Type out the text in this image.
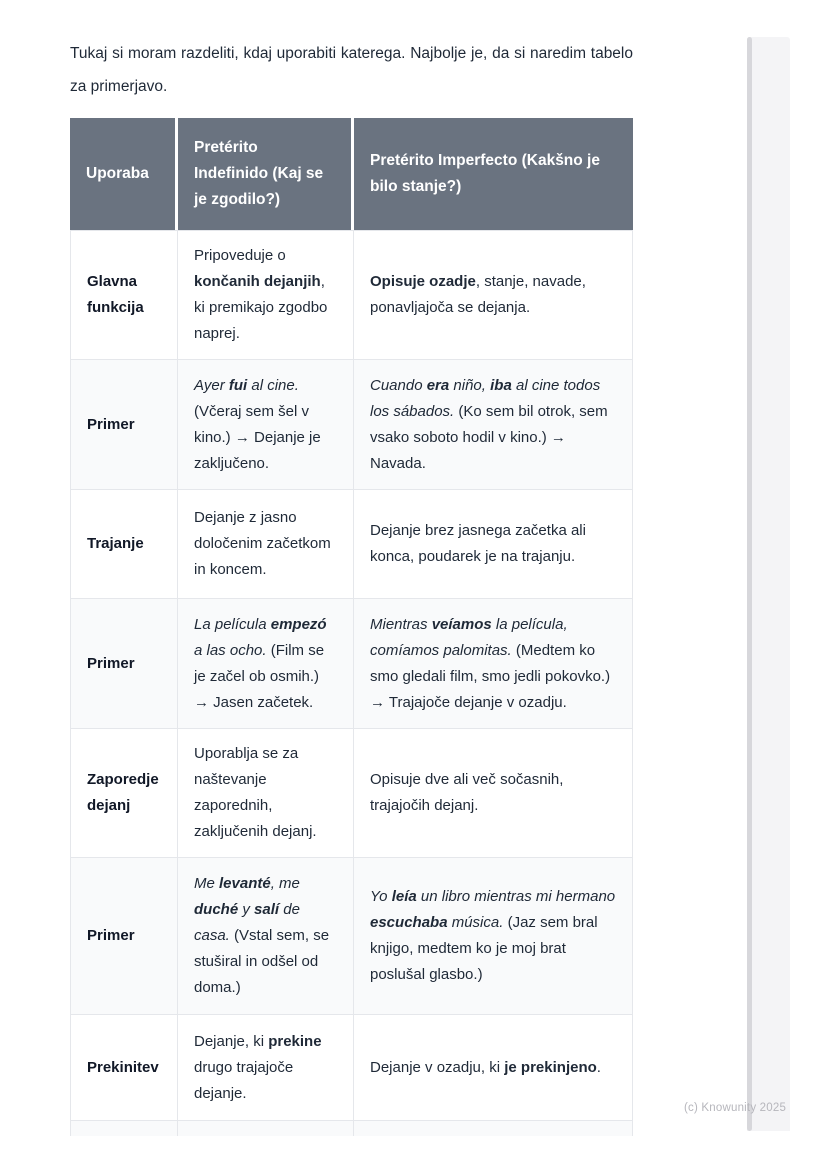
Tukaj si moram razdeliti, kdaj uporabiti katerega. Najbolje je, da si naredim tabelo za primerjavo.

Uporaba	Pretérito Indefinido (Kaj se je zgodilo?)	Pretérito Imperfecto (Kakšno je bilo stanje?)
Glavna funkcija	Pripoveduje o končanih dejanjih, ki premikajo zgodbo naprej.	Opisuje ozadje, stanje, navade, ponavljajoča se dejanja.
Primer	Ayer fui al cine. (Včeraj sem šel v kino.) → Dejanje je zaključeno.	Cuando era niño, iba al cine todos los sábados. (Ko sem bil otrok, sem vsako soboto hodil v kino.) → Navada.
Trajanje	Dejanje z jasno določenim začetkom in koncem.	Dejanje brez jasnega začetka ali konca, poudarek je na trajanju.
Primer	La película empezó a las ocho. (Film se je začel ob osmih.) → Jasen začetek.	Mientras veíamos la película, comíamos palomitas. (Medtem ko smo gledali film, smo jedli pokovko.) → Trajajoče dejanje v ozadju.
Zaporedje dejanj	Uporablja se za naštevanje zaporednih, zaključenih dejanj.	Opisuje dve ali več sočasnih, trajajočih dejanj.
Primer	Me levanté, me duché y salí de casa. (Vstal sem, se stuširal in odšel od doma.)	Yo leía un libro mientras mi hermano escuchaba música. (Jaz sem bral knjigo, medtem ko je moj brat poslušal glasbo.)
Prekinitev	Dejanje, ki prekine drugo trajajoče dejanje.	Dejanje v ozadju, ki je prekinjeno.

(c) Knowunity 2025
